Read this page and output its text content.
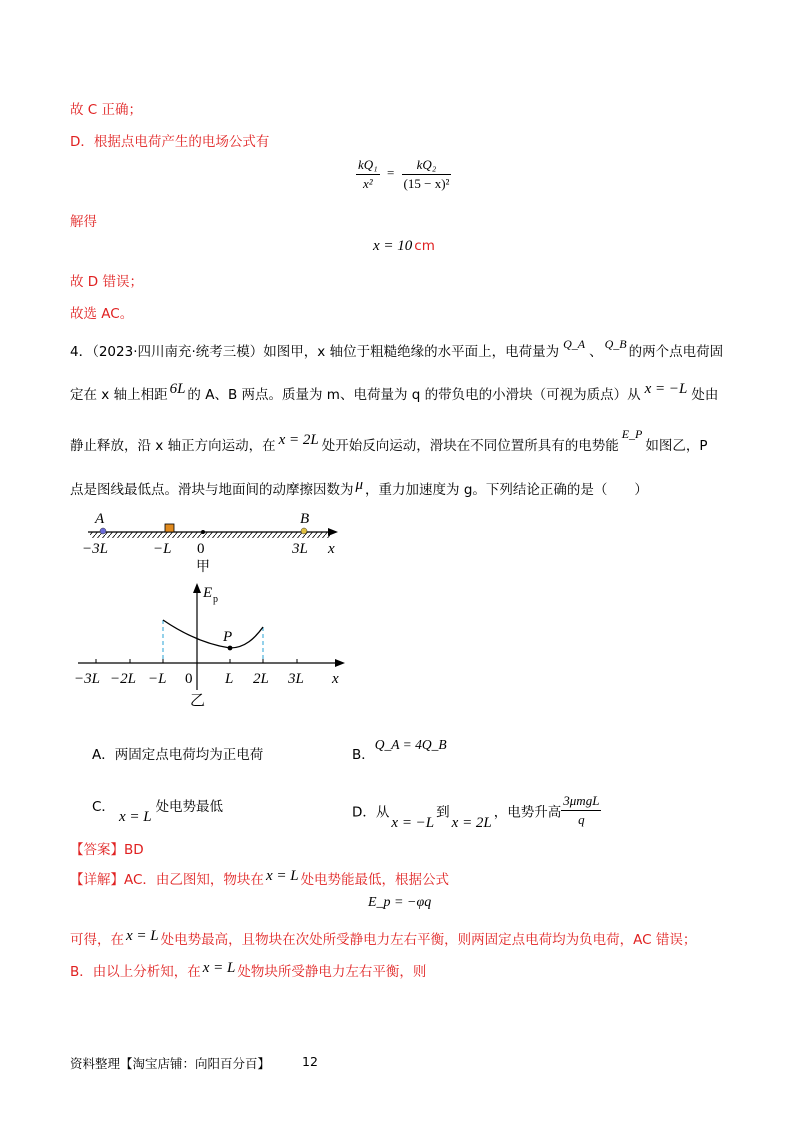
故 C 正确；
D．根据点电荷产生的电场公式有
$\frac{\text{kQ₁}}{\text{x²}} = \frac{\text{kQ₂}}{\text{(15 − x)²}}$
解得
x = 10 cm
故 D 错误；
故选 AC。
4．（2023·四川南充·统考三模）如图甲，x 轴位于粗糙绝缘的水平面上，电荷量为 Q_A 、 Q_B 的两个点电荷固
定在 x 轴上相距 6L 的 A、B 两点。质量为 m、电荷量为 q 的带负电的小滑块（可视为质点）从 x = −L 处由
静止释放，沿 x 轴正方向运动，在 x = 2L 处开始反向运动，滑块在不同位置所具有的电势能E_P如图乙，P
点是图线最低点。滑块与地面间的动摩擦因数为 μ ，重力加速度为 g。下列结论正确的是（　　）
A	B
−3L	−L 0	3L x
甲
E p
P
−3L −2L −L 0 L 2L 3L x
乙
A．两固定点电荷均为正电荷	B．Q_A = 4Q_B
C．x = L处电势最低	D．从x = −L到x = 2L，电势升高 $\frac{\text{3μmgL}}{q}$
【答案】BD
【详解】AC．由乙图知，物块在 x = L 处电势能最低，根据公式
E_p = −φq
可得，在 x = L 处电势最高，且物块在次处所受静电力左右平衡，则两固定点电荷均为负电荷，AC 错误；
B．由以上分析知，在 x = L 处物块所受静电力左右平衡，则
资料整理【淘宝店铺：向阳百分百】	12
